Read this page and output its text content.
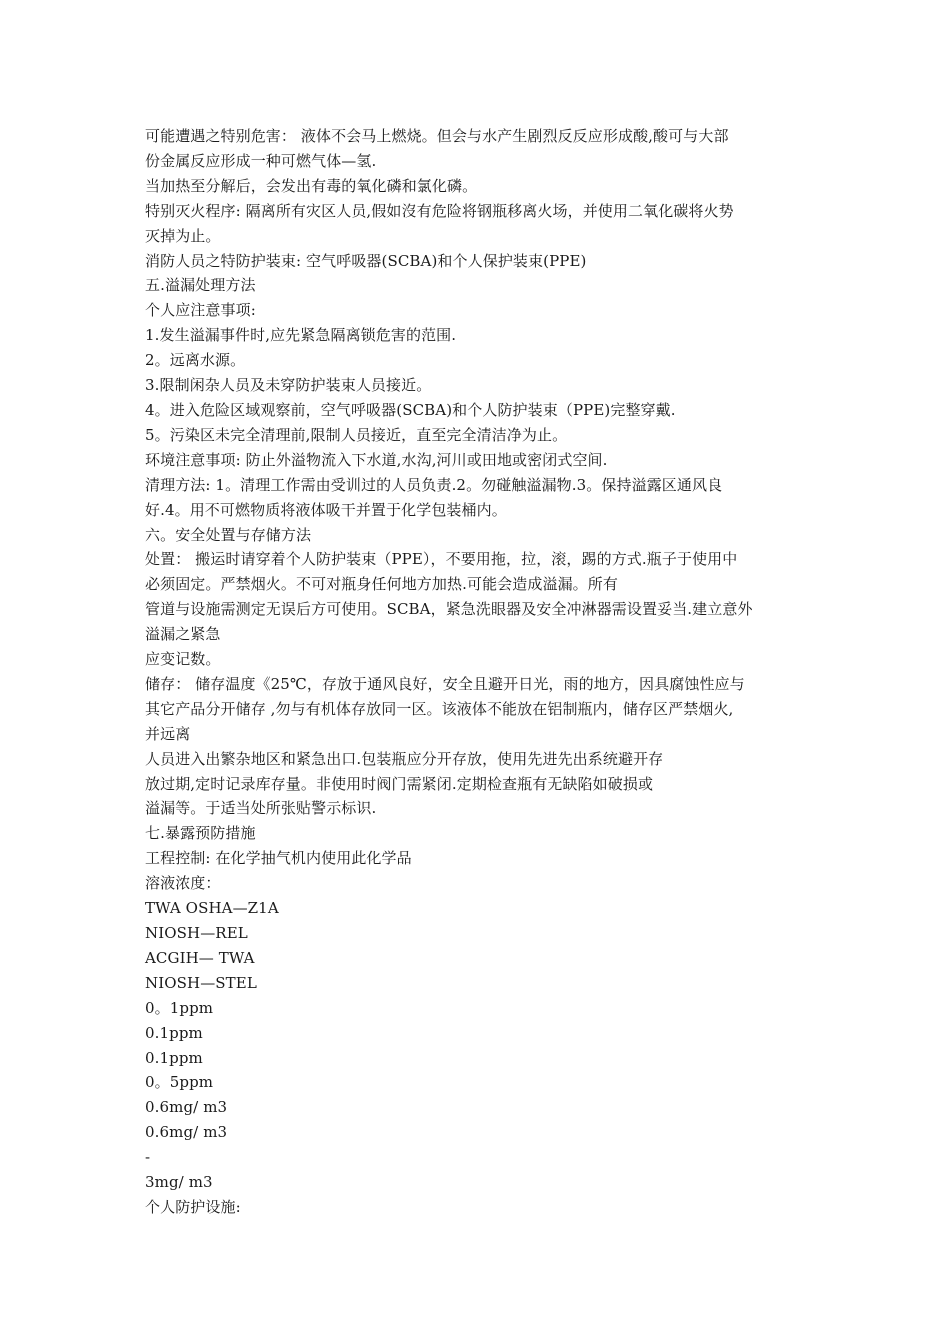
可能遭遇之特别危害： 液体不会马上燃烧。但会与水产生剧烈反反应形成酸,酸可与大部
份金属反应形成一种可燃气体—氢.
当加热至分解后，会发出有毒的氧化磷和氯化磷。
特别灭火程序: 隔离所有灾区人员,假如沒有危险将钢瓶移离火场，并使用二氧化碳将火势
灭掉为止。
消防人员之特防护装束: 空气呼吸器(SCBA)和个人保护装束(PPE)
五.溢漏处理方法
个人应注意事项:
1.发生溢漏事件时,应先紧急隔离锁危害的范围.
2。远离水源。
3.限制闲杂人员及未穿防护装束人员接近。
4。进入危险区域观察前，空气呼吸器(SCBA)和个人防护装束（PPE)完整穿戴.
5。污染区未完全清理前,限制人员接近，直至完全清洁净为止。
环境注意事项: 防止外溢物流入下水道,水沟,河川或田地或密闭式空间.
清理方法: 1。清理工作需由受训过的人员负责.2。勿碰触溢漏物.3。保持溢露区通风良
好.4。用不可燃物质将液体吸干并置于化学包装桶内。
六。安全处置与存储方法
处置： 搬运时请穿着个人防护装束（PPE），不要用拖，拉，滚，踢的方式.瓶子于使用中
必须固定。严禁烟火。不可对瓶身任何地方加热.可能会造成溢漏。所有
管道与设施需测定无误后方可使用。SCBA，紧急洗眼器及安全冲淋器需设置妥当.建立意外
溢漏之紧急
应变记数。
储存： 储存温度《25℃，存放于通风良好，安全且避开日光，雨的地方，因具腐蚀性应与
其它产品分开储存 ,勿与有机体存放同一区。该液体不能放在铝制瓶内，储存区严禁烟火,
并远离
人员进入出繁杂地区和紧急出口.包装瓶应分开存放，使用先进先出系统避开存
放过期,定时记录库存量。非使用时阀门需紧闭.定期检查瓶有无缺陷如破损或
溢漏等。于适当处所张贴警示标识.
七.暴露预防措施
工程控制: 在化学抽气机内使用此化学品
溶液浓度：
TWA OSHA—Z1A
NIOSH—REL
ACGIH— TWA
NIOSH—STEL
0。1ppm
0.1ppm
0.1ppm
0。5ppm
0.6mg/ m3
0.6mg/ m3
-
3mg/ m3
个人防护设施:
